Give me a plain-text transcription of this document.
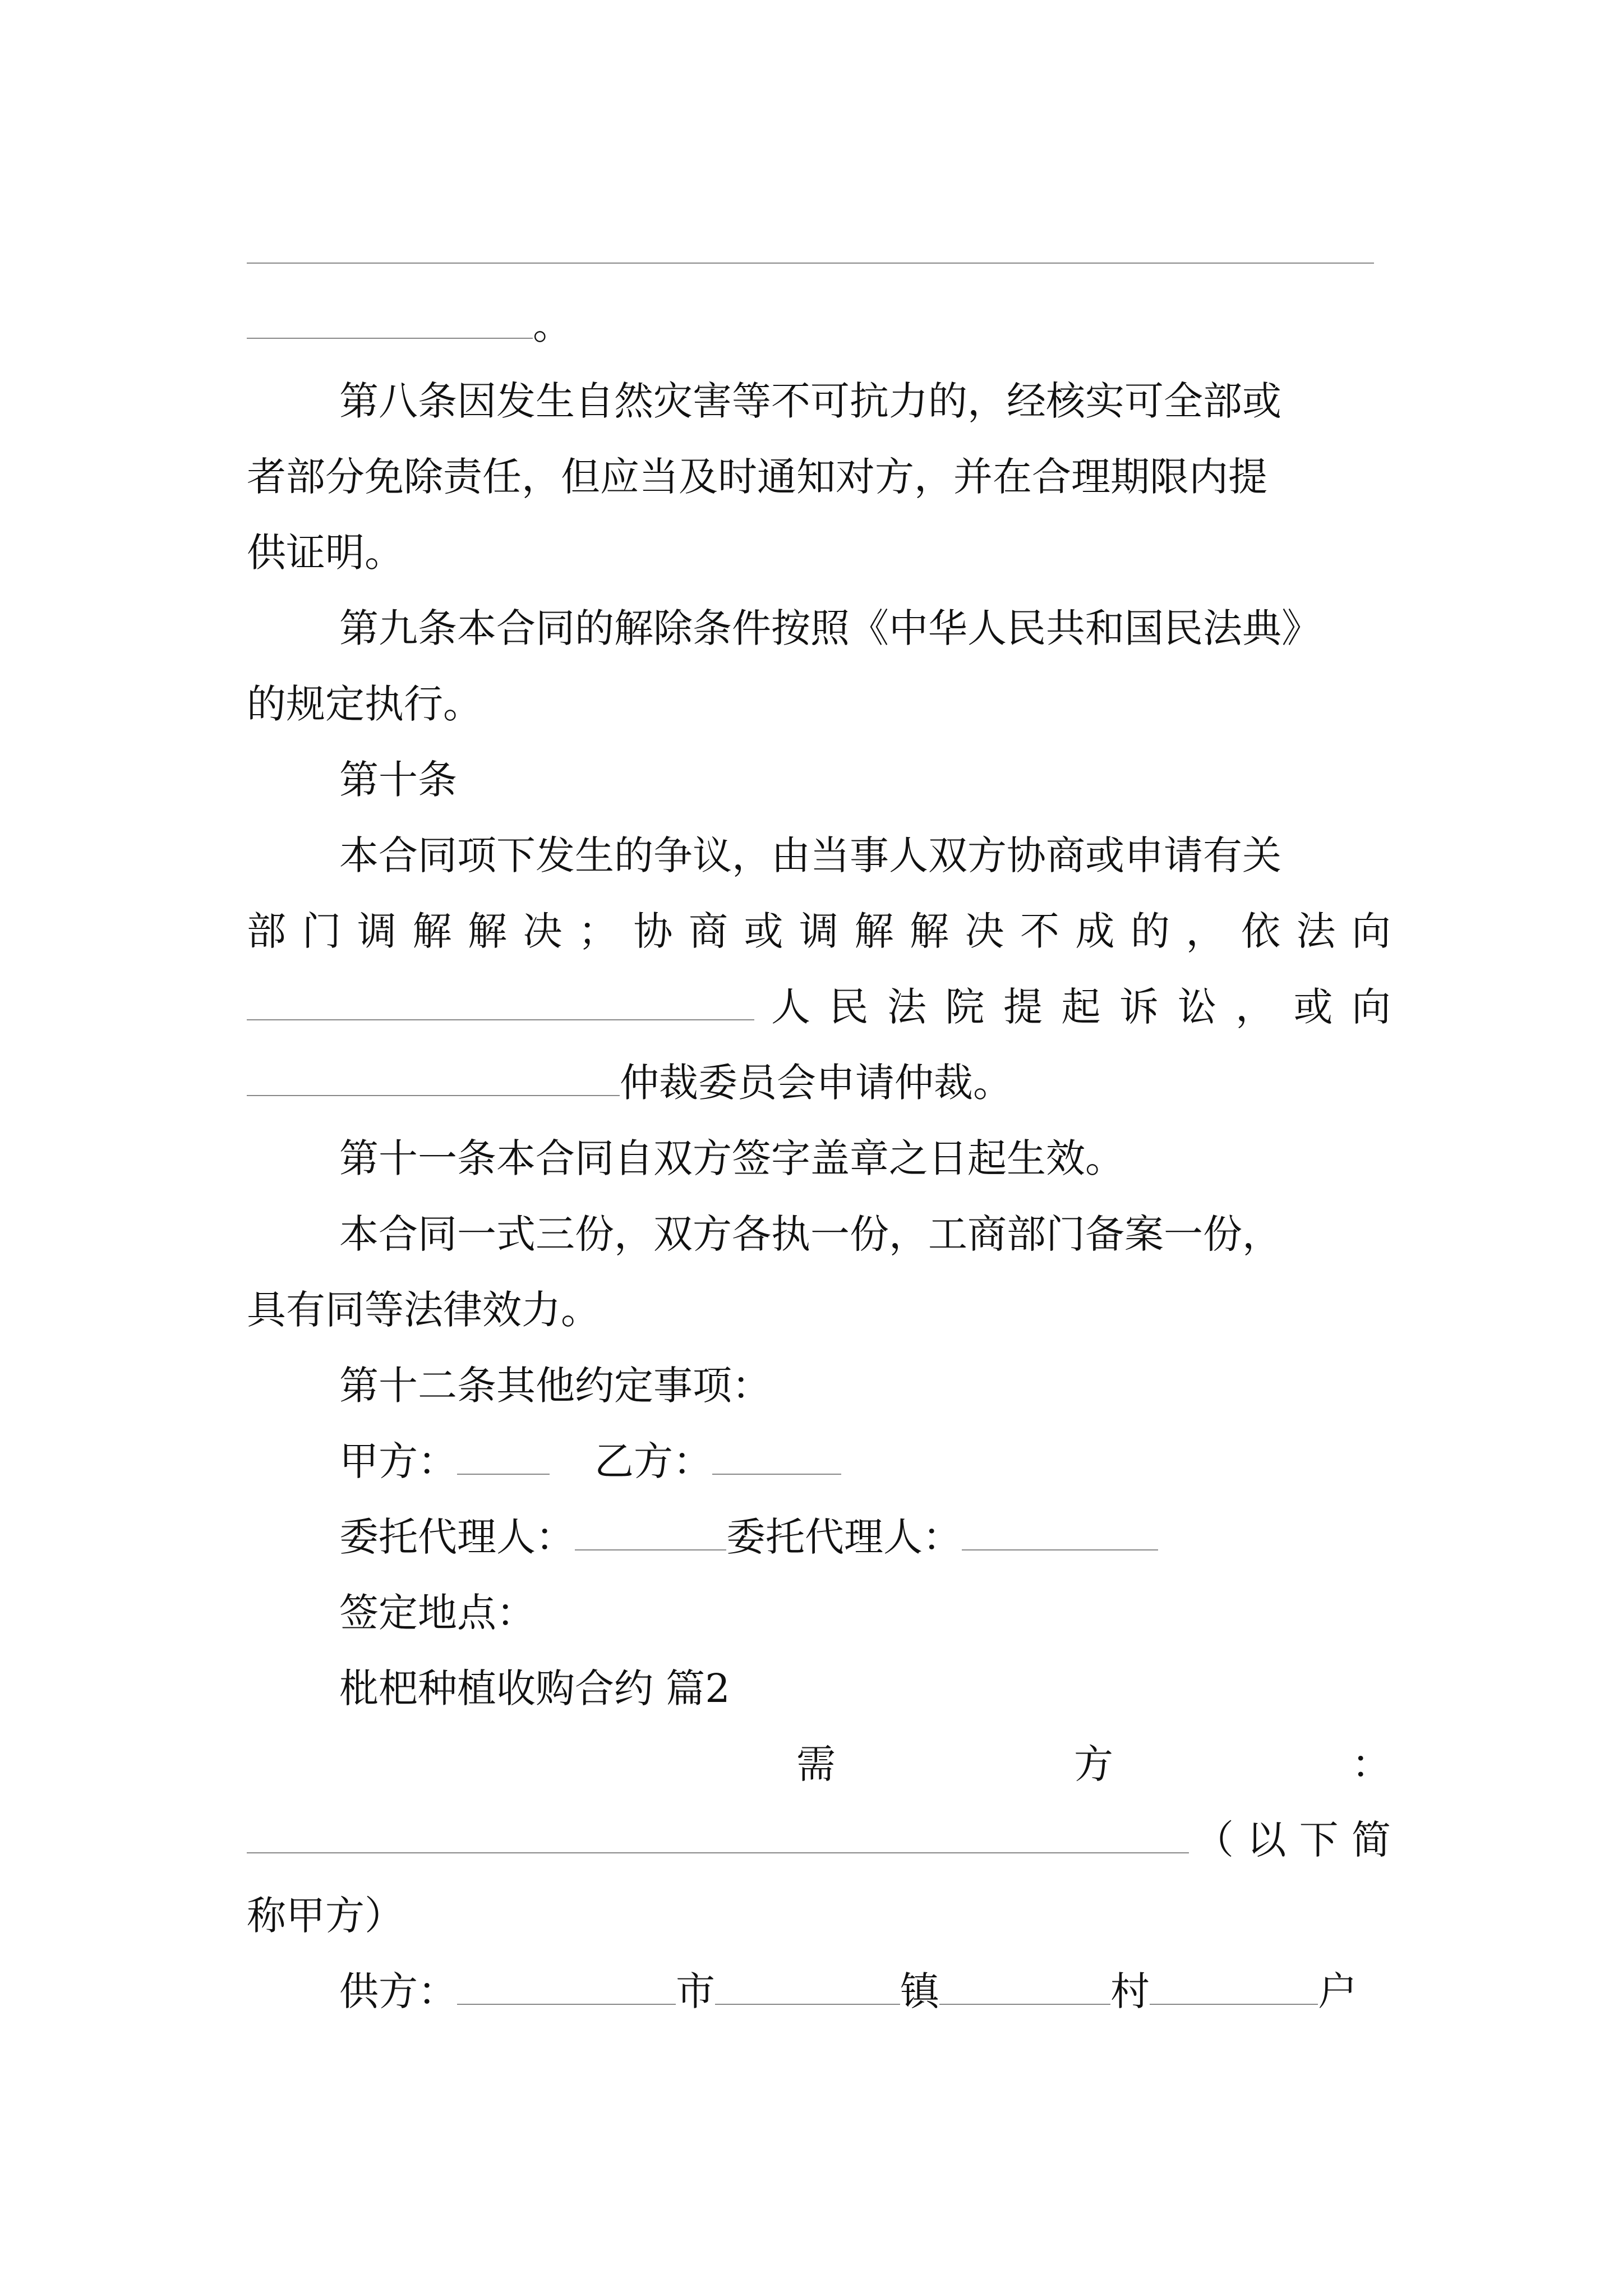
。
第八条因发生自然灾害等不可抗力的，经核实可全部或
者部分免除责任，但应当及时通知对方，并在合理期限内提
供证明。
第九条本合同的解除条件按照《中华人民共和国民法典》
的规定执行。
第十条
本合同项下发生的争议，由当事人双方协商或申请有关
部 门 调 解 解 决 ； 协 商 或 调 解 解 决 不 成 的 ， 依 法 向
人 民 法 院 提 起 诉 讼 ， 或 向
仲裁委员会申请仲裁。
第十一条本合同自双方签字盖章之日起生效。
本合同一式三份，双方各执一份，工商部门备案一份，
具有同等法律效力。
第十二条其他约定事项：
甲方：	乙方：
委托代理人：	委托代理人：
签定地点：
枇杷种植收购合约 篇2
需	方	：
（ 以 下 简
称甲方）
供方：	市	镇	村	户
